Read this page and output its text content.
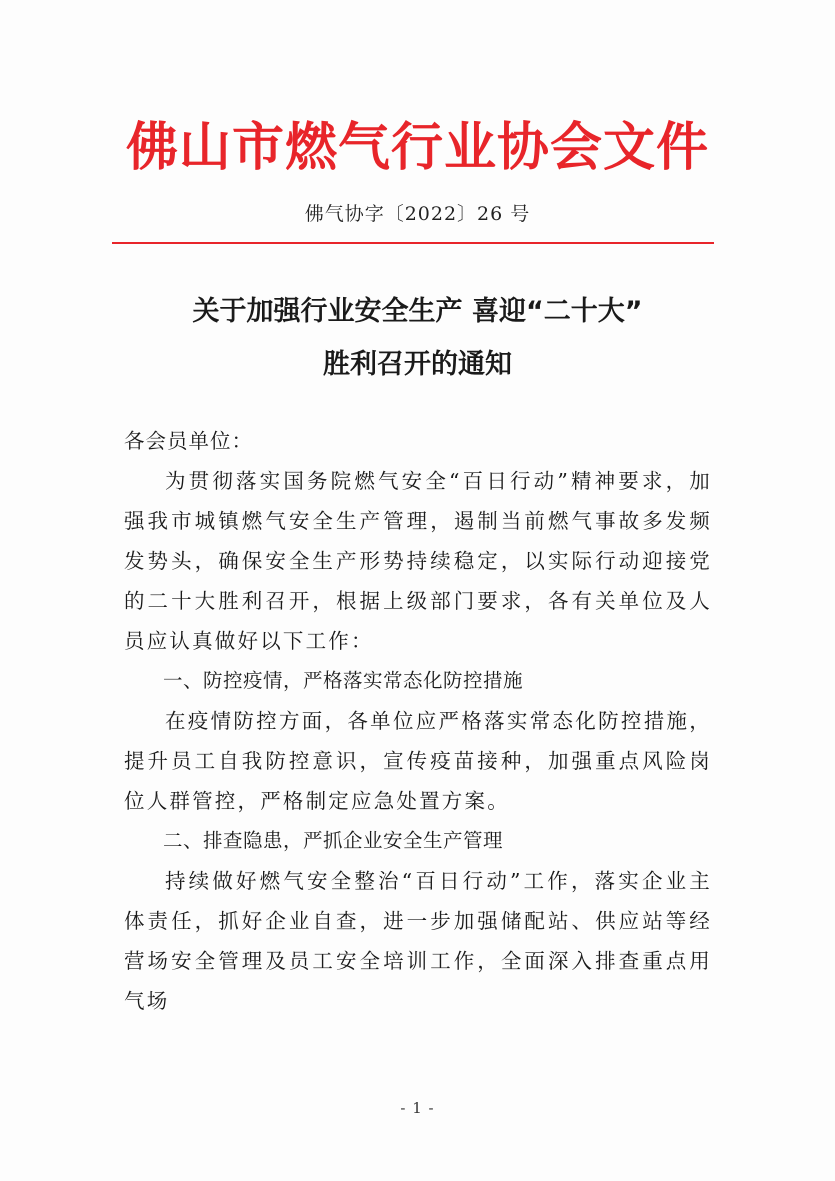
佛山市燃气行业协会文件
佛气协字〔2022〕26 号
关于加强行业安全生产 喜迎“二十大”
胜利召开的通知

各会员单位：

为贯彻落实国务院燃气安全“百日行动”精神要求，加强我市城镇燃气安全生产管理，遏制当前燃气事故多发频发势头，确保安全生产形势持续稳定，以实际行动迎接党的二十大胜利召开，根据上级部门要求，各有关单位及人员应认真做好以下工作：

一、防控疫情，严格落实常态化防控措施

在疫情防控方面，各单位应严格落实常态化防控措施，提升员工自我防控意识，宣传疫苗接种，加强重点风险岗位人群管控，严格制定应急处置方案。

二、排查隐患，严抓企业安全生产管理

持续做好燃气安全整治“百日行动”工作，落实企业主体责任，抓好企业自查，进一步加强储配站、供应站等经营场安全管理及员工安全培训工作，全面深入排查重点用气场

- 1 -
